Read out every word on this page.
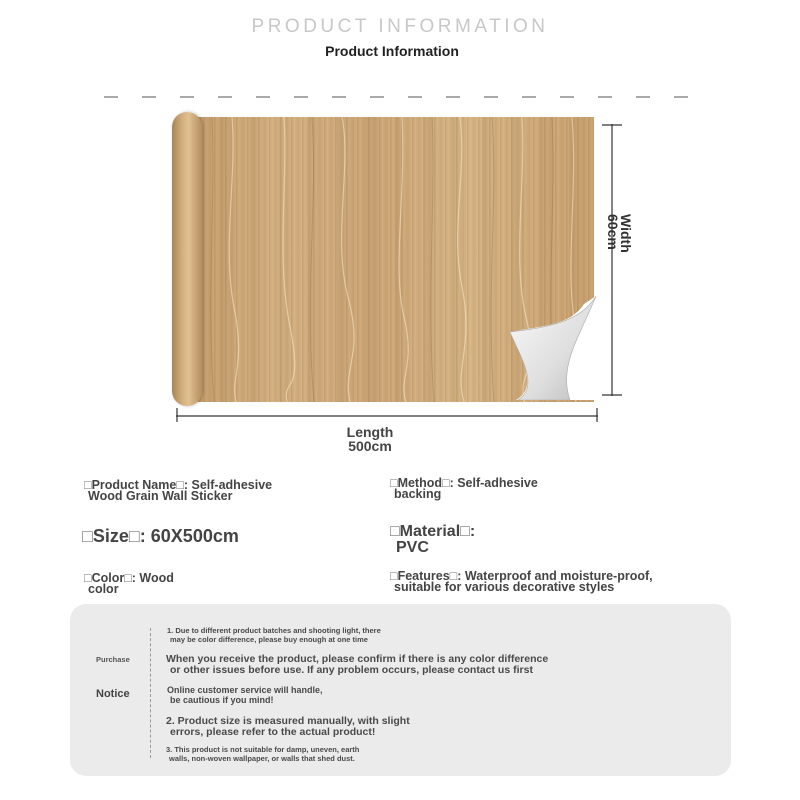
PRODUCT INFORMATION
Product Information
Width
60cm
Length
500cm
□Product Name□: Self-adhesive
Wood Grain Wall Sticker
□Method□: Self-adhesive
backing
□Size□: 60X500cm	□Material□:
PVC
□Color□: Wood
color
□Features□: Waterproof and moisture-proof,
suitable for various decorative styles
Purchase
Notice
1. Due to different product batches and shooting light, there
may be color difference, please buy enough at one time
When you receive the product, please confirm if there is any color difference
or other issues before use. If any problem occurs, please contact us first
Online customer service will handle,
be cautious if you mind!
2. Product size is measured manually, with slight
errors, please refer to the actual product!
3. This product is not suitable for damp, uneven, earth
walls, non-woven wallpaper, or walls that shed dust.
